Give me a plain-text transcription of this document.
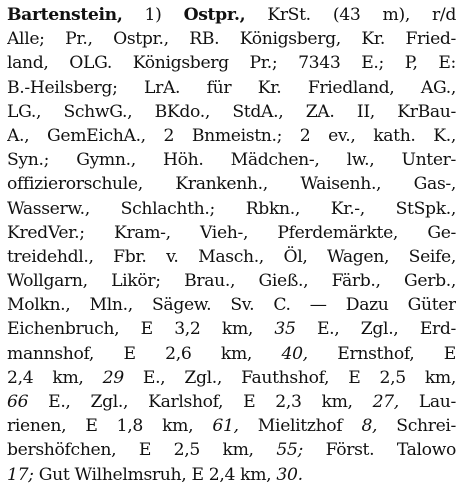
Bartenstein, 1) Ostpr., KrSt. (43 m), r/d
Alle; Pr., Ostpr., RB. Königsberg, Kr. Fried-
land, OLG. Königsberg Pr.; 7343 E.; P, E:
B.-Heilsberg; LrA. für Kr. Friedland, AG.,
LG., SchwG., BKdo., StdA., ZA. II, KrBau-
A., GemEichA., 2 Bnmeistn.; 2 ev., kath. K.,
Syn.; Gymn., Höh. Mädchen-, lw., Unter-
offizierorschule, Krankenh., Waisenh., Gas-,
Wasserw., Schlachth.; Rbkn., Kr.-, StSpk.,
KredVer.; Kram-, Vieh-, Pferdemärkte, Ge-
treidehdl., Fbr. v. Masch., Öl, Wagen, Seife,
Wollgarn, Likör; Brau., Gieß., Färb., Gerb.,
Molkn., Mln., Sägew. Sv. C. — Dazu Güter
Eichenbruch, E 3,2 km, 35 E., Zgl., Erd-
mannshof, E 2,6 km, 40, Ernsthof, E
2,4 km, 29 E., Zgl., Fauthshof, E 2,5 km,
66 E., Zgl., Karlshof, E 2,3 km, 27, Lau-
rienen, E 1,8 km, 61, Mielitzhof 8, Schrei-
bershöfchen, E 2,5 km, 55; Först. Talowo
17; Gut Wilhelmsruh, E 2,4 km, 30.
